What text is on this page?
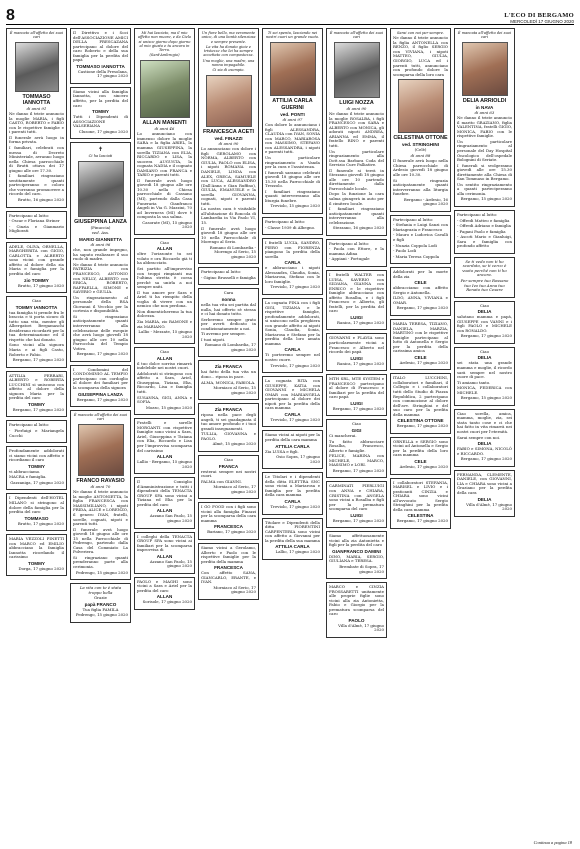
8	L'ECO DI BERGAMO
MERCOLEDÌ 17 GIUGNO 2020

È mancato all'affetto dei suoi cari

TOMMASO IANNOTTA

di anni 91

Ne danno il triste annuncio la moglie MARIA, i figli CASTO, ROBERTO e FABIO con le rispettive famiglie e i parenti tutti.

Il funerale avrà luogo in forma privata.

I familiari, celebrati con messa di Decreto Ministeriale, avranno luogo nella Chiesa parrocchiale di Brutti ottava dei 17 giugno alle ore 17.30.

I familiari ringraziano sentitamente quanti parteciperanno e coloro che vorranno promuovere a ricordo del caro.

Brutto, 16 giugno 2020

Partecipano al lutto:

- Oscar e Floriana Striner

- Cinzia e Gianmario Migliorati

ADELE, OLIVA, ORNELLA, MARGHERITA con GIGIO, CARLOTTA e ALBERTO sono vicini con grande affetto al dolore della zia Maria e famiglia per la perdita del caro

zio TOMMY

Brutto, 17 giugno 2020

Ciao

TOMMY IANNOTTA

tua famiglia ti prende fra le braccia e ti porta sicuro di tutto una vita, mentre gli Albergatori Bergamaschi desiderano ricordarti per la tua determinazione ed il rispetto che hai donato.

Sono vicini alla signora Maria e ai figli Casto, Roberto e Fabio.

Bergamo, 17 giugno 2020

ATTILIA FERRARI, ALBERTO e ROBERTA LUCCHINI si uniscono con affetto al dolore della signora Maria per la perdita del caro

TOMMY

Bergamo, 17 giugno 2020

Partecipano al lutto:

- Pierluigi e Mariangela Cucchi

Profondamente addolorati ci siamo vicini con affetto e ricordiamo il caro

TOMMY

vi abbracciamo.

MACRA e famiglia.

Gazzaniga, 17 giugno 2020

I Dipendenti dell'HOTEL MILANO si stringono al dolore della famiglia per la perdita del caro

TOMMASO

Brutto, 17 giugno 2020

MARIA VEZZOLI PINETTI con MARCO ed EMILIO abbracciano la famiglia Iannotta ricordando il carissimo

TOMMY

Dorga, 17 giugno 2020

Il Direttivo e i Soci dell'ASSOCIAZIONE AMICI DELLA FRESCAZANA partecipano al dolore del caro Roberto e della sua famiglia per la perdita del papà

TOMMASO IANNOTTA

Castione della Presolana, 17 giugno 2020

Siamo vicini alla famiglia Iannotta, con sincero affetto, per la perdita del caro

TOMMY

Tutti i Dipendenti di ASSOCIAZIONE VALSERIANA

Clusone, 17 giugno 2020

✝

Ci ha lasciati

GIUSEPPINA LANZA

(Pinuccia)

ved. Ass.

MARIO GIANNETTA

di anni 96

che, non grande impegno, ha saputo realizzare il suo ruolo di madre.

Ne danno il triste annuncio PATRIZIA con FRANCESCO, ANTONIO con NELLY, ALBERTO con ERICA, ROBERTO, RAFFAELLA, SIMONE e SAVERIO e GIULIA.

Un ringraziamento al personale della RSA Giovanni il Vecchio per la cortesia e disponibilità.

Si ringraziano anticipatamente quanti interverranno alla celebrazione delle esequie che avrà luogo giovedì 18 giugno alle ore 10 nella Parrocchia del Tempio Votivo.

Bergamo, 17 giugno 2020

I Condomini del CONDOMINIO AL TEMPIO partecipano con cordoglio al dolore dei familiari per la scomparsa della signora

GIUSEPPINA LANZA

Bergamo, 17 giugno 2020

È mancato all'affetto dei suoi cari

FRANCO RAVASIO

di anni 70

Ne danno il triste annuncio la moglie ANTONIETTA, la figlia FRANCESCA con MASSIMILIANO, i nipoti FRIDA, ALICE e LORENZO, il genero IVAN, fratelli, sorelle, cognati, nipoti e parenti tutti.

Il funerale avrà luogo giovedì 18 giugno alle ore 15 nella Parrocchiale di Pedrengo, partendo dalla Casa del Commiato La Polveriera.

Si ringraziano quanti prenderanno parte alla cerimonia.

Pedrengo, 15 giugno 2020

La vita con te è stata troppo bella

Grazie

papà FRANCO

Tua figlia FAMILA

Pedrengo, 15 giugno 2020

Mi hai lasciato, ma il mio affetto non muore, e da Cielo si unisce giorno dopo giorno al mio giusto e tu ancora in Terra.

(Sant'Ambrogio)

ALLAN MANENTI

di anni 46

Lo annunciano con immenso dolore la moglie SARA e la figlia ARIEL, la mamma GIUSEPPINA, la sorella TIZIANA con ELIA, RICCARDO e LISA, la suocera AUGUSTA, la cognata NADIA e il cognato DAMIANO con FRANCA e TARIO e parenti tutti.

Il funerale avrà luogo giovedì 18 giugno alle ore 10.30 nella Chiesa parrocchiale di Cassano (MI), partendo dalla Casa Funeraria Gianfranco Angeli in Via G. Mazzini, 70 ad Inverness (MI) dove è composta la sua salma.

Casorate (MI), 15 giugno 2020

Ciao

ALLAN

oltre l'orizzonte tu sei volato e ora Riccardo già ti ha abbracciato.

Sei partito all'improvviso con troppi rimpianti ma l'ultima stretta è coesa perché sa unirla a noi sempre uniti.

Il tuo amore per Sara e Ariel ti ha riempito della voglia di vivere con un nemico che non perdona.

Non dimenticheremo la tua dolcezza.

Zia MARIA, zio RAMONE e zia MARIANO.

Lallio - Mezzate, 15 giugno 2020

Ciao

ALLAN

il tuo dolce sorriso rimarrà indelebile nei nostri cuori.

Addolorati si stringono con affetto a Sara, Ariel, Giuseppina, Tiziana, Elia, Riccardo, Lisa e famiglia tutti.

SUSANNA, GIGI, ANNA e SOFIA.

Mozzo, 15 giugno 2020

Fratelli e sorelle MORGANTI con rispettive famiglie sono vicini a Sara, Ariel, Giuseppina e Tiziana con Elia, Riccardo e Lisa per l'improvvisa scomparsa del carissimo

ALLAN

Lallio - Bergamo, 15 giugno 2020

Il Consiglio d'Amministrazione e tutti i dipendenti della TENACTA GROUP SPA sono vicini a Tiziana ed Elia per la perdita del caro

ALLAN

Azzano San Paolo, 15 giugno 2020

I colleghi della TENACTA GROUP SPA sono vicini ai familiari per la scomparsa improvvisa di

ALLAN

Azzano San Paolo, 15 giugno 2020

PAOLO e MAGHI sono vicini a Sara e Ariel per la perdita del caro

ALLAN

Sorisole, 17 giugno 2020

Un fiore bello, ma veramente unico, di una bontà silenziosa e sempre presente.

La vita ha donato gioie e tristezze che lei ha sempre accettato con compostezza.

Una moglie, una madre, una nonna impagabile.

Ci sia di esempio.

FRANCESCA ACETI

ved. FINAZZI

di anni 90

Lo annunciano con dolore i figli GEROLAMO con NORMA, ALBERTO con GIULIA, PAOLO con ELISA, i nipoti ROMANA con DANIELE, LINDA con ALEX, GRECA, SAMUELE con LUCA, ALESSANDRO (Dall'Anna e Gian Ruffino), GIULIA, EMANUELE e la sorella GIOVANNA, cognati, nipoti e parenti tutti.

La nostra cara è visitabile all'abitazione di Roncola di Lambardia in Via Paolo VI, 15.

Il funerale avrà luogo giovedì 18 giugno alle ore 10 nella Parrocchiale di Morengo al Serio.

Romano di Lombardia - Morengo al Serio, 15 giugno 2020

Partecipano al lutto:

- Gigino Brusselli e famiglia

Cara

nonna

nella tua vita sei partita dal nulla, hai offerto sè stessa e ci hai donato tutto.

Serberemo sempre grato per averti dedicato in condizionatamente a noi.

Ti avremo per sempre.

I tuoi nipoti.

Romano di Lombardia, 17 giugno 2020

Zia FRANCA

hai fatto della tua vita un dono... riposa in pace.

ALMA, MONICA, FABIOLA.

Morniaco al Serio, 15 giugno 2020

Zia FRANCA

riposa nella pace degli angeli, ti sei guadagnata il tuo amore profondo e i tuoi grandi insegnamenti.

TULLIA, GIOVANNA e PAOLO.

Almè, 15 giugno 2020

Ciao

FRANCA

resterai sempre nei nostri cuori.

PALMA con GIANNI.

Morniaco al Serio, 17 giugno 2020

I GO FOOD con i figli sono vicini alla famiglia Finazzi per la scomparsa della cara mamma

FRANCESCA

Bariano, 17 giugno 2020

Siamo vicini a Gerolamo, Alberto e Paolo con le rispettive famiglie per la perdita della mamma

FRANCESCA

Con affetto SANA, GIANCARLO, ERANTE, e IVAN.

Morniaco al Serio, 17 giugno 2020

Ti sei spenta, lasciando nei nostri cuori un grande vuoto.

ATTILIA CARLA

GUERINI

ved. PONTI

di anni 97

Con dolore lo annunciano i figli ALESSANDRA, CLAUDIA con IVAN, SONIA con MARCO, MARIAROSA con MASSIMO, STEFANO con ALESSANDRA, i nipoti e parenti tutti.

Un particolare ringraziamento a Vanda per la cura e l'assistenza.

I funerali saranno celebrati giovedì 18 giugno alle ore 15.30 nella Parrocchiale di Trezzolo.

I familiari ringraziano quanti interverranno alla liturgia funebre.

Treviolo, 15 giugno 2020

Partecipano al lutto:

- Classe 1939 di Albegno.

I fratelli LUCIA, SANDRO, PIERO con FIORENZA piangono la perdita della sorella

CARLA

e abbracciano i nipoti Alessandra, Claudia, Sonia, Mariarosa, Stefano con le loro famiglie.

Treviolo, 17 giugno 2020

La cognata PINA con i figli GIGI, TIZIANA e le rispettive famiglie, profondamente addolorati, si uniscono nella preghiera con grande affetto ai nipoti Sonia, Claudia, Sonia, Mariarosa e Stefano per la perdita della loro amata mamma

CARLA

Ti porteremo sempre nel nostro cuore.

Treviolo, 17 giugno 2020

La cognata RITA con GIUSEPPE, KATIA con GIOVANNI e MICHELA OMAR con MARIANGELA partecipano al dolore dei nipoti per la perdita della cara mamma

CARLA

Treviolo, 17 giugno 2020

Siamo vicini ai nipoti per la perdita della cara mamma

ATTILIA CARLA

Zia LUISA e figli.

Osio Sopra, 17 giugno 2020

Le Titolari e i dipendenti della ditta ELETTRA SNC sono vicini a Mariarosa e famiglia per la perdita della cara mamma

CARLA

Treviolo, 17 giugno 2020

Titolare e Dipendenti della ditta FIORENTINI CARPENTERIA sono vicini con affetto a Giovanni per la perdita della sua mamma

ATTILIA CARLA

Lallio, 17 giugno 2020

È mancato all'affetto dei suoi cari

LUIGI NOZZA

di anni 90

Ne danno il triste annuncio la moglie ROSALBA, i figli FRANCESCO con SARA e ALBERTO con MONICA, gli adorati nipoti ANDREA, ARIANNA ed EMMA, il fratello RINO e parenti tutti.

Un particolare ringraziamento alla Dott.ssa Barbara Coda del Servizio Cure Palliative.

Il funerale si terrà in Stezzano giovedì 18 giugno alle ore 10 partendo direttamente dalla Parrocchiale locale.

Dopo la funzione la cara salma giungerà in auto per il cimitero locale.

I familiari ringraziano anticipatamente quanti interverranno alla celebrazione.

Stezzano, 16 giugno 2020

Partecipano al lutto:

- Paola con Ettore, e la mamma Adina

- Appiani - Fortugale

I fratelli WALTER con LUISA, SAVERIO con SILVANA, GIANNA con ENRICO e le rispettive famiglie abbracciano con affetto Rosalba, e i figli Francesco e Alberto, gli fratelli, per la perdita del caro

LUIGI

Ranica, 17 giugno 2020

GIOVANNI e FLAVIA sono particolarmente vicini a Francesco e Alberto nel ricordo dei papà

LUIGI

Ranica, 17 giugno 2020

MTH SRL, MTE SYSTEM e FRANCESCO partecipano al dolore di Francesco e familiari per la perdita del caro papà

LUIGI

Bergamo, 17 giugno 2020

Ciao

GIGI

Ci mancherai.

Tu fatto abbracciare Rosalba, Francesco, Alberto e famiglie.

FELICE, MARINA con MICHELE, MARCO, MASSIMO e LORI.

Bergamo, 17 giugno 2020

CARMINATI PIERLUIGI con ANNA e CHIARA, CRISTINA con ANGELA sono vicini a Rosalba e figli per la prematura scomparsa del caro

LUIGI

Bergamo, 17 giugno 2020

Siamo affettuosamente vicini alla zia Antonietta e figli per la perdita del caro

GIANFRANCO DAMINI

DINO, MARIA, SERGIO, GIULIANA e TERESA.

Brembate di Sopra, 17 giugno 2020

MARCO e CINZIA FROSSARETTI unitamente alle proprie figlie sono vicini alla zia Antonietta, Fabio e Giorgio per la prematura scomparsa del caro

PAOLO

Villa d'Almè, 17 giugno 2020

Sarai con noi per sempre.

Ne danno il triste annuncio la figlia ANTONELLA con RENZO, il figlio SERGIO con VIVIANA, i nipoti MATTEO, GIULIA, GIORGIO, LUCA ed i parenti tutti, annunciano con profondo dolore la scomparsa della loro cara

CELESTINA OTTONE

ved. STRINGHINI

(Celè)

di anni 88

Il funerale avrà luogo nella Chiesa parrocchiale di Ardesio giovedì 18 giugno alle ore 10.30.

Si ringrazia anticipatamente quanti interverranno alla liturgia funebre.

Bergamo - Ardesio, 16 giugno 2020

Partecipano al lutto:

- Stefania e Luigi Sanzi con Mariagrazia e Francesco

- Mauro e Ludovica Cavalli e figli

- Nunzia Coppola Lodi

- Paolo Lodi

- Maria Teresa Coppola

Addolorati per la morte della zia

CELE

abbracciamo con affetto Sergio e Antonella.

ILDO, ANNA, VIVIANA e OMAR.

Bergamo, 17 giugno 2020

MARIA TERESA, TIZIANO, DANIELA, MARZIA, MARTINO con le rispettive famiglie partecipano al lutto di Antonella e Sergio per la perdita della carissima amica

CELE

Ardesio, 17 giugno 2020

ITALO LUCCHINI, collaboratori e familiari, il Collegio e i collaboratori tutti dello Studio di Piazza Repubblica, 2 partecipano con commozione al dolore dell'avv. Stringhini e del suo caro per la perdita della mamma

CELESTINA OTTONE

Bergamo, 17 giugno 2020

ORNELLA e SERGIO sono vicini ad Antonella e Sergio per la perdita della loro cara mamma

CELE

Ardesio, 17 giugno 2020

I collaboratori STEFANIA, MARISEL e LIVIO e i praticanti CINZIA e CHIARA sono vicini all'avvocato Sergio Stringhini per la perdita della cara mamma

CELESTINA

Bergamo, 17 giugno 2020

È mancata all'affetto dei suoi cari

DELIA ARRIOLDI

in NAVA

di anni 63

Ne danno il triste annuncio il marito GRAZIANO, figlia VALENTINA, fratelli GIGIO, MONICA, FABIO con le rispettive famiglie.

Un particolare ringraziamento al personale del Day Hospital Oncologico dell'ospedale Bolognini di Seriate.

I funerali si svolgeranno giovedì alle ore 15.30 direttamente alla Chiesa di San Tommaso in Bergamo.

Un sentito ringraziamento a quanti parteciperanno alla cerimonia.

Bergamo, 15 giugno 2020

Partecipano al lutto:

- Offredi Matteo e famiglia

- Offredi Adriano e famiglia

- Pagani Paolo e famiglia

- Ascoti Mario e Gianluigi, Sara e famiglia con profondo affetto

Se ti vedo non ti ho scordato, se ti cerco è vuoto perché non ti ho ancora.

Per sempre tuo Rossano tuo Ivo tuo Anna tuo Renato tuo Cesare

Ciao

DELIA

salutano mamma e papà, GIUSEPPE con VANNI e i figli PAOLO e MICHELE con RONALDO.

Bergamo, 17 giugno 2020

Ciao

DELIA

sei stata una grande mamma e moglie, il ricordo sarà sempre nel nostro cuore di pace.

Ti amiamo tanto.

MONICA, FEDERICA con MICHELE.

Bergamo, 15 giugno 2020

Ciao sorella, amica, mamma, moglie, zia, sei stata tanto cose e ci che hai fatto in vita rimarrà nei nostri cuori per l'eternità.

Sarai sempre con noi.

DELIA

FABIO e SIMONA, NICOLÒ e RICCARDO.

Bergamo, 17 giugno 2020

FERNANDA, CLEMENTE, DANIELE, con GIOVANNI, LIA e CHIARA sono vicini a Graziano per la perdita della cara

DELIA

Villa d'Almè, 17 giugno 2020

Continua a pagina 18
